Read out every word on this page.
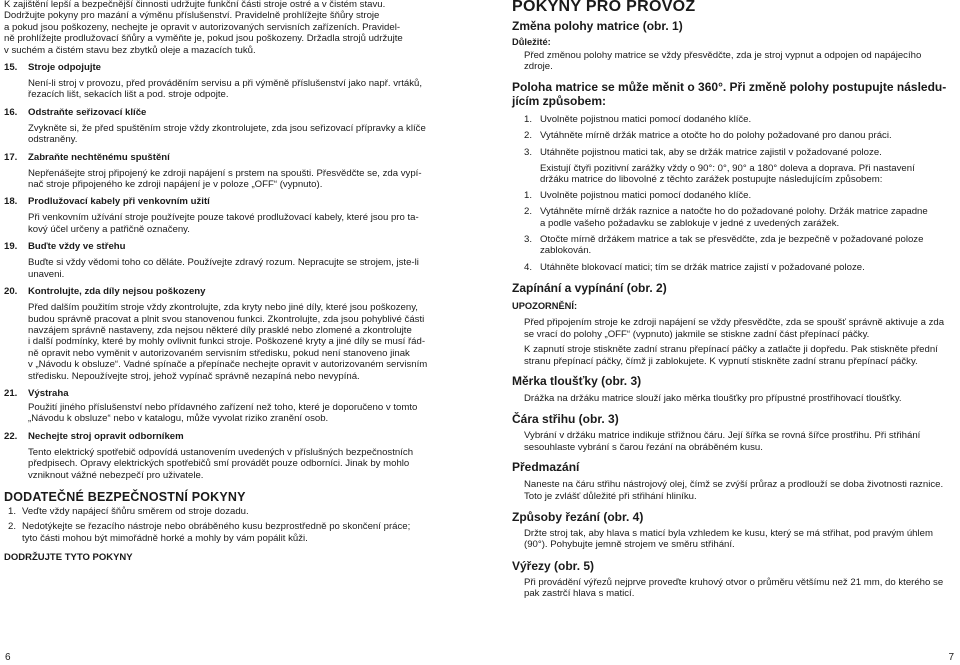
K zajištění lepší a bezpečnější činnosti udržujte funkční části stroje ostré a v čistém stavu.

Dodržujte pokyny pro mazání a výměnu příslušenství. Pravidelně prohlížejte šňůry stroje

a pokud jsou poškozeny, nechejte je opravit v autorizovaných servisních zařízeních. Pravidel-

ně prohlížejte prodlužovací šňůry a vyměňte je, pokud jsou poškozeny. Držadla strojů udržujte

v suchém a čistém stavu bez zbytků oleje a mazacích tuků.

15. Stroje odpojujte

Není-li stroj v provozu, před prováděním servisu a při výměně příslušenství jako např. vrtáků,

řezacích lišt, sekacích lišt a pod. stroje odpojte.

16. Odstraňte seřizovací klíče

Zvykněte si, že před spuštěním stroje vždy zkontrolujete, zda jsou seřizovací přípravky a klíče

odstraněny.

17. Zabraňte nechtěnému spuštění

Nepřenášejte stroj připojený ke zdroji napájení s prstem na spoušti. Přesvědčte se, zda vypí-

nač stroje připojeného ke zdroji napájení je v poloze „OFF“ (vypnuto).

18. Prodlužovací kabely při venkovním užití

Při venkovním užívání stroje používejte pouze takové prodlužovací kabely, které jsou pro ta-

kový účel určeny a patřičně označeny.

19. Buďte vždy ve střehu

Buďte si vždy vědomi toho co děláte. Používejte zdravý rozum. Nepracujte se strojem, jste-li

unaveni.

20. Kontrolujte, zda díly nejsou poškozeny

Před dalším použitím stroje vždy zkontrolujte, zda kryty nebo jiné díly, které jsou poškozeny,

budou správně pracovat a plnit svou stanovenou funkci. Zkontrolujte, zda jsou pohyblivé části

navzájem správně nastaveny, zda nejsou některé díly prasklé nebo zlomené a zkontrolujte

i další podmínky, které by mohly ovlivnit funkci stroje. Poškozené kryty a jiné díly se musí řád-

ně opravit nebo vyměnit v autorizovaném servisním středisku, pokud není stanoveno jinak

v „Návodu k obsluze“. Vadné spínače a přepínače nechejte opravit v autorizovaném servisním

středisku. Nepoužívejte stroj, jehož vypínač správně nezapíná nebo nevypíná.

21. Výstraha

Použití jiného příslušenství nebo přídavného zařízení než toho, které je doporučeno v tomto

„Návodu k obsluze“ nebo v katalogu, může vyvolat riziko zranění osob.

22. Nechejte stroj opravit odborníkem

Tento elektrický spotřebič odpovídá ustanovením uvedených v příslušných bezpečnostních

předpisech. Opravy elektrických spotřebičů smí provádět pouze odborníci. Jinak by mohlo

vzniknout vážné nebezpečí pro uživatele.

DODATEČNÉ BEZPEČNOSTNÍ POKYNY

1. Veďte vždy napájecí šňůru směrem od stroje dozadu.
2. Nedotýkejte se řezacího nástroje nebo obráběného kusu bezprostředně po skončení práce;
tyto části mohou být mimořádně horké a mohly by vám popálit kůži.

DODRŽUJTE TYTO POKYNY

POKYNY PRO PROVOZ

Změna polohy matrice (obr. 1)

Důležité:

Před změnou polohy matrice se vždy přesvědčte, zda je stroj vypnut a odpojen od napájecího

zdroje.

Poloha matrice se může měnit o 360°. Při změně polohy postupujte následu-

jícím způsobem:

1. Uvolněte pojistnou matici pomocí dodaného klíče.
2. Vytáhněte mírně držák matrice a otočte ho do polohy požadované pro danou práci.
3. Utáhněte pojistnou matici tak, aby se držák matrice zajistil v požadované poloze.

Existují čtyři pozitivní zarážky vždy o 90°: 0°, 90° a 180° doleva a doprava. Při nastavení

držáku matrice do libovolné z těchto zarážek postupujte následujícím způsobem:

1. Uvolněte pojistnou matici pomocí dodaného klíče.
2. Vytáhněte mírně držák raznice a natočte ho do požadované polohy. Držák matrice zapadne
a podle vašeho požadavku se zablokuje v jedné z uvedených zarážek.
3. Otočte mírně držákem matrice a tak se přesvědčte, zda je bezpečně v požadované poloze
zablokován.
4. Utáhněte blokovací matici; tím se držák matrice zajistí v požadované poloze.

Zapínání a vypínání (obr. 2)

UPOZORNĚNÍ:

Před připojením stroje ke zdroji napájení se vždy přesvědčte, zda se spoušť správně aktivuje a zda

se vrací do polohy „OFF“ (vypnuto) jakmile se stiskne zadní část přepínací páčky.

K zapnutí stroje stiskněte zadní stranu přepínací páčky a zatlačte ji dopředu. Pak stiskněte přední

stranu přepínací páčky, čímž ji zablokujete. K vypnutí stiskněte zadní stranu přepínací páčky.

Měrka tloušťky (obr. 3)

Drážka na držáku matrice slouží jako měrka tloušťky pro přípustné prostřihovací tloušťky.

Čára střihu (obr. 3)

Vybrání v držáku matrice indikuje střižnou čáru. Její šířka se rovná šířce prostřihu. Při střihání

sesouhlaste vybrání s čarou řezání na obráběném kusu.

Předmazání

Naneste na čáru střihu nástrojový olej, čímž se zvýší průraz a prodlouží se doba životnosti raznice.

Toto je zvlášť důležité při střihání hliníku.

Způsoby řezání (obr. 4)

Držte stroj tak, aby hlava s maticí byla vzhledem ke kusu, který se má střihat, pod pravým úhlem

(90°). Pohybujte jemně strojem ve směru střihání.

Výřezy (obr. 5)

Při provádění výřezů nejprve proveďte kruhový otvor o průměru většímu než 21 mm, do kterého se

pak zastrčí hlava s maticí.

6	7
